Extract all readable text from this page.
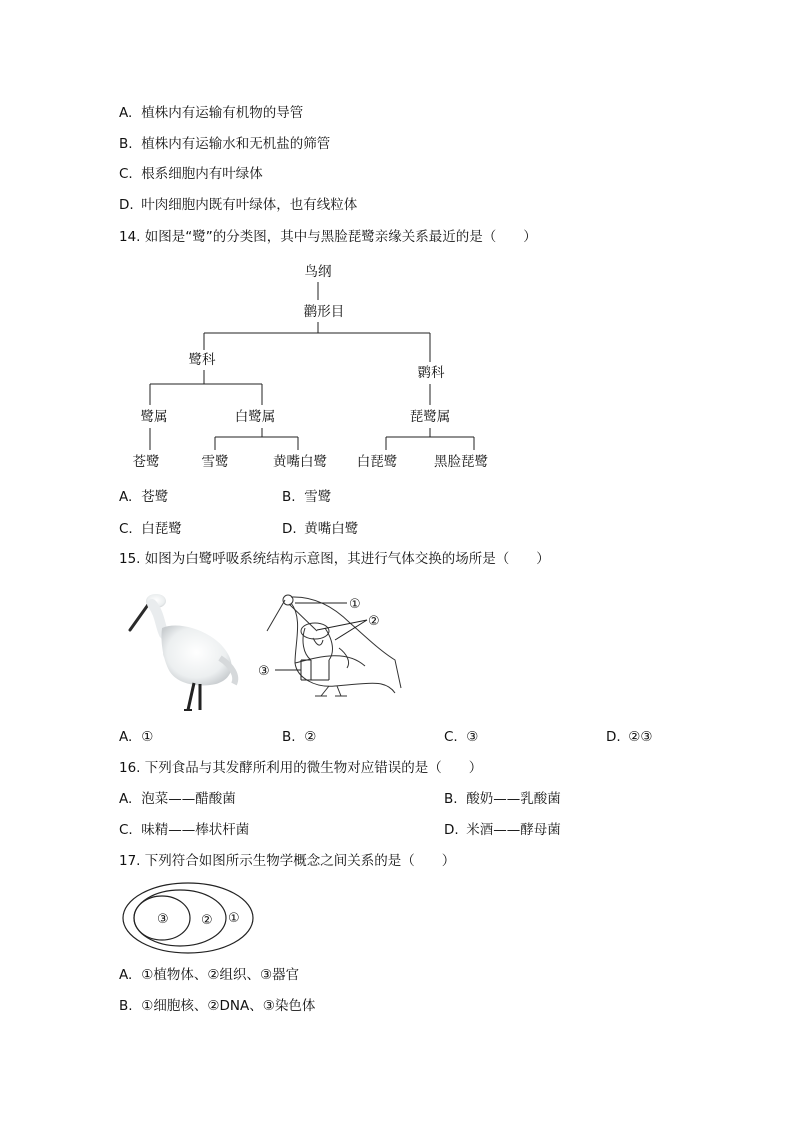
A. 植株内有运输有机物的导管
B. 植株内有运输水和无机盐的筛管
C. 根系细胞内有叶绿体
D. 叶肉细胞内既有叶绿体，也有线粒体
14. 如图是“鹭”的分类图，其中与黑脸琵鹭亲缘关系最近的是（　　）
鸟纲
鹳形目
鹭科
鹮科
鹭属	白鹭属	琵鹭属
苍鹭	雪鹭	黄嘴白鹭 白琵鹭	黑脸琵鹭
A. 苍鹭	B. 雪鹭
C. 白琵鹭	D. 黄嘴白鹭
15. 如图为白鹭呼吸系统结构示意图，其进行气体交换的场所是（　　）
①
②
③
A. ①	B. ②	C. ③	D. ②③
16. 下列食品与其发酵所利用的微生物对应错误的是（　　）
A. 泡菜——醋酸菌	B. 酸奶——乳酸菌
C. 味精——棒状杆菌	D. 米酒——酵母菌
17. 下列符合如图所示生物学概念之间关系的是（　　）
③ ② ①
A. ①植物体、②组织、③器官
B. ①细胞核、②DNA、③染色体
